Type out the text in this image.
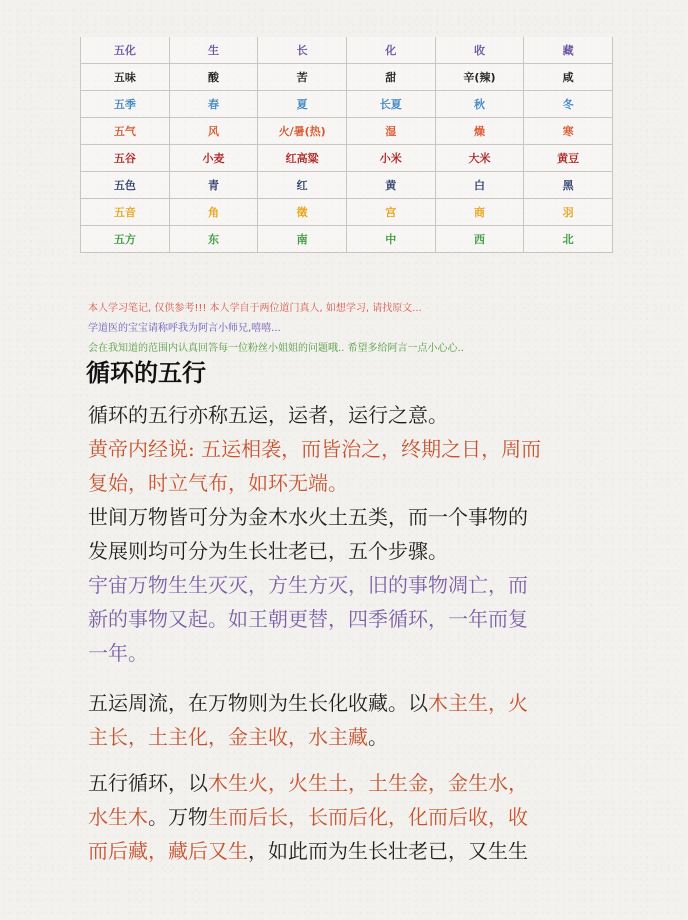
五化	生	长	化	收	藏
五味	酸	苦	甜	辛(辣)	咸
五季	春	夏	长夏	秋	冬
五气	风	火/暑(热)	湿	燥	寒
五谷	小麦	红高粱	小米	大米	黄豆
五色	青	红	黄	白	黑
五音	角	徵	宫	商	羽
五方	东	南	中	西	北
本人学习笔记, 仅供参考!!! 本人学自于两位道门真人, 如想学习, 请找原文...
学道医的宝宝请称呼我为阿言小师兄,嘻嘻...
会在我知道的范围内认真回答每一位粉丝小姐姐的问题哦.. 希望多给阿言一点小心心..
循环的五行
循环的五行亦称五运，运者，运行之意。
黄帝内经说: 五运相袭，而皆治之，终期之日，周而
复始，时立气布，如环无端。
世间万物皆可分为金木水火土五类，而一个事物的
发展则均可分为生长壮老已，五个步骤。
宇宙万物生生灭灭，方生方灭，旧的事物凋亡，而
新的事物又起。如王朝更替，四季循环，一年而复
一年。
五运周流，在万物则为生长化收藏。以木主生，火
主长，土主化，金主收，水主藏。
五行循环，以木生火，火生土，土生金，金生水，
水生木。万物生而后长，长而后化，化而后收，收
而后藏，藏后又生，如此而为生长壮老已，又生生
